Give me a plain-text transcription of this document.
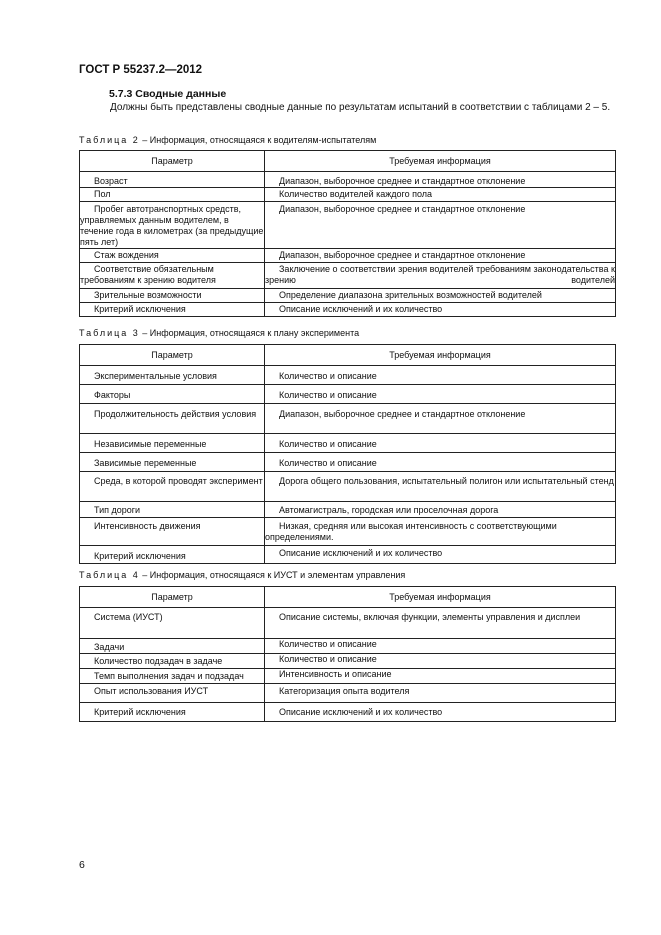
ГОСТ Р 55237.2—2012
5.7.3 Сводные данные
Должны быть представлены сводные данные по результатам испытаний в соответствии с таблицами 2 – 5.
Таблица 2 – Информация, относящаяся к водителям-испытателям
Параметр	Требуемая информация
Возраст	Диапазон, выборочное среднее и стандартное отклонение
Пол	Количество водителей каждого пола
Пробег автотранспортных средств, управляемых данным водителем, в течение года в километрах (за предыдущие пять лет)	Диапазон, выборочное среднее и стандартное отклонение
Стаж вождения	Диапазон, выборочное среднее и стандартное отклонение
Соответствие обязательным требованиям к зрению водителя	Заключение о соответствии зрения водителей требованиям законодательства к зрению водителей

Зрительные возможности	Определение диапазона зрительных возможностей водителей
Критерий исключения	Описание исключений и их количество
Таблица 3 – Информация, относящаяся к плану эксперимента
Параметр	Требуемая информация
Экспериментальные условия	Количество и описание
Факторы	Количество и описание
Продолжительность действия условия	Диапазон, выборочное среднее и стандартное отклонение
Независимые переменные	Количество и описание
Зависимые переменные	Количество и описание
Среда, в которой проводят эксперимент	Дорога общего пользования, испытательный полигон или испытательный стенд
Тип дороги	Автомагистраль, городская или проселочная дорога
Интенсивность движения	Низкая, средняя или высокая интенсивность с соответствующими определениями.
Критерий исключения	Описание исключений и их количество
Таблица 4 – Информация, относящаяся к ИУСТ и элементам управления
Параметр	Требуемая информация
Система (ИУСТ)	Описание системы, включая функции, элементы управления и дисплеи
Задачи	Количество и описание
Количество подзадач в задаче	Количество и описание
Темп выполнения задач и подзадач	Интенсивность и описание
Опыт использования ИУСТ	Категоризация опыта водителя
Критерий исключения	Описание исключений и их количество
6
